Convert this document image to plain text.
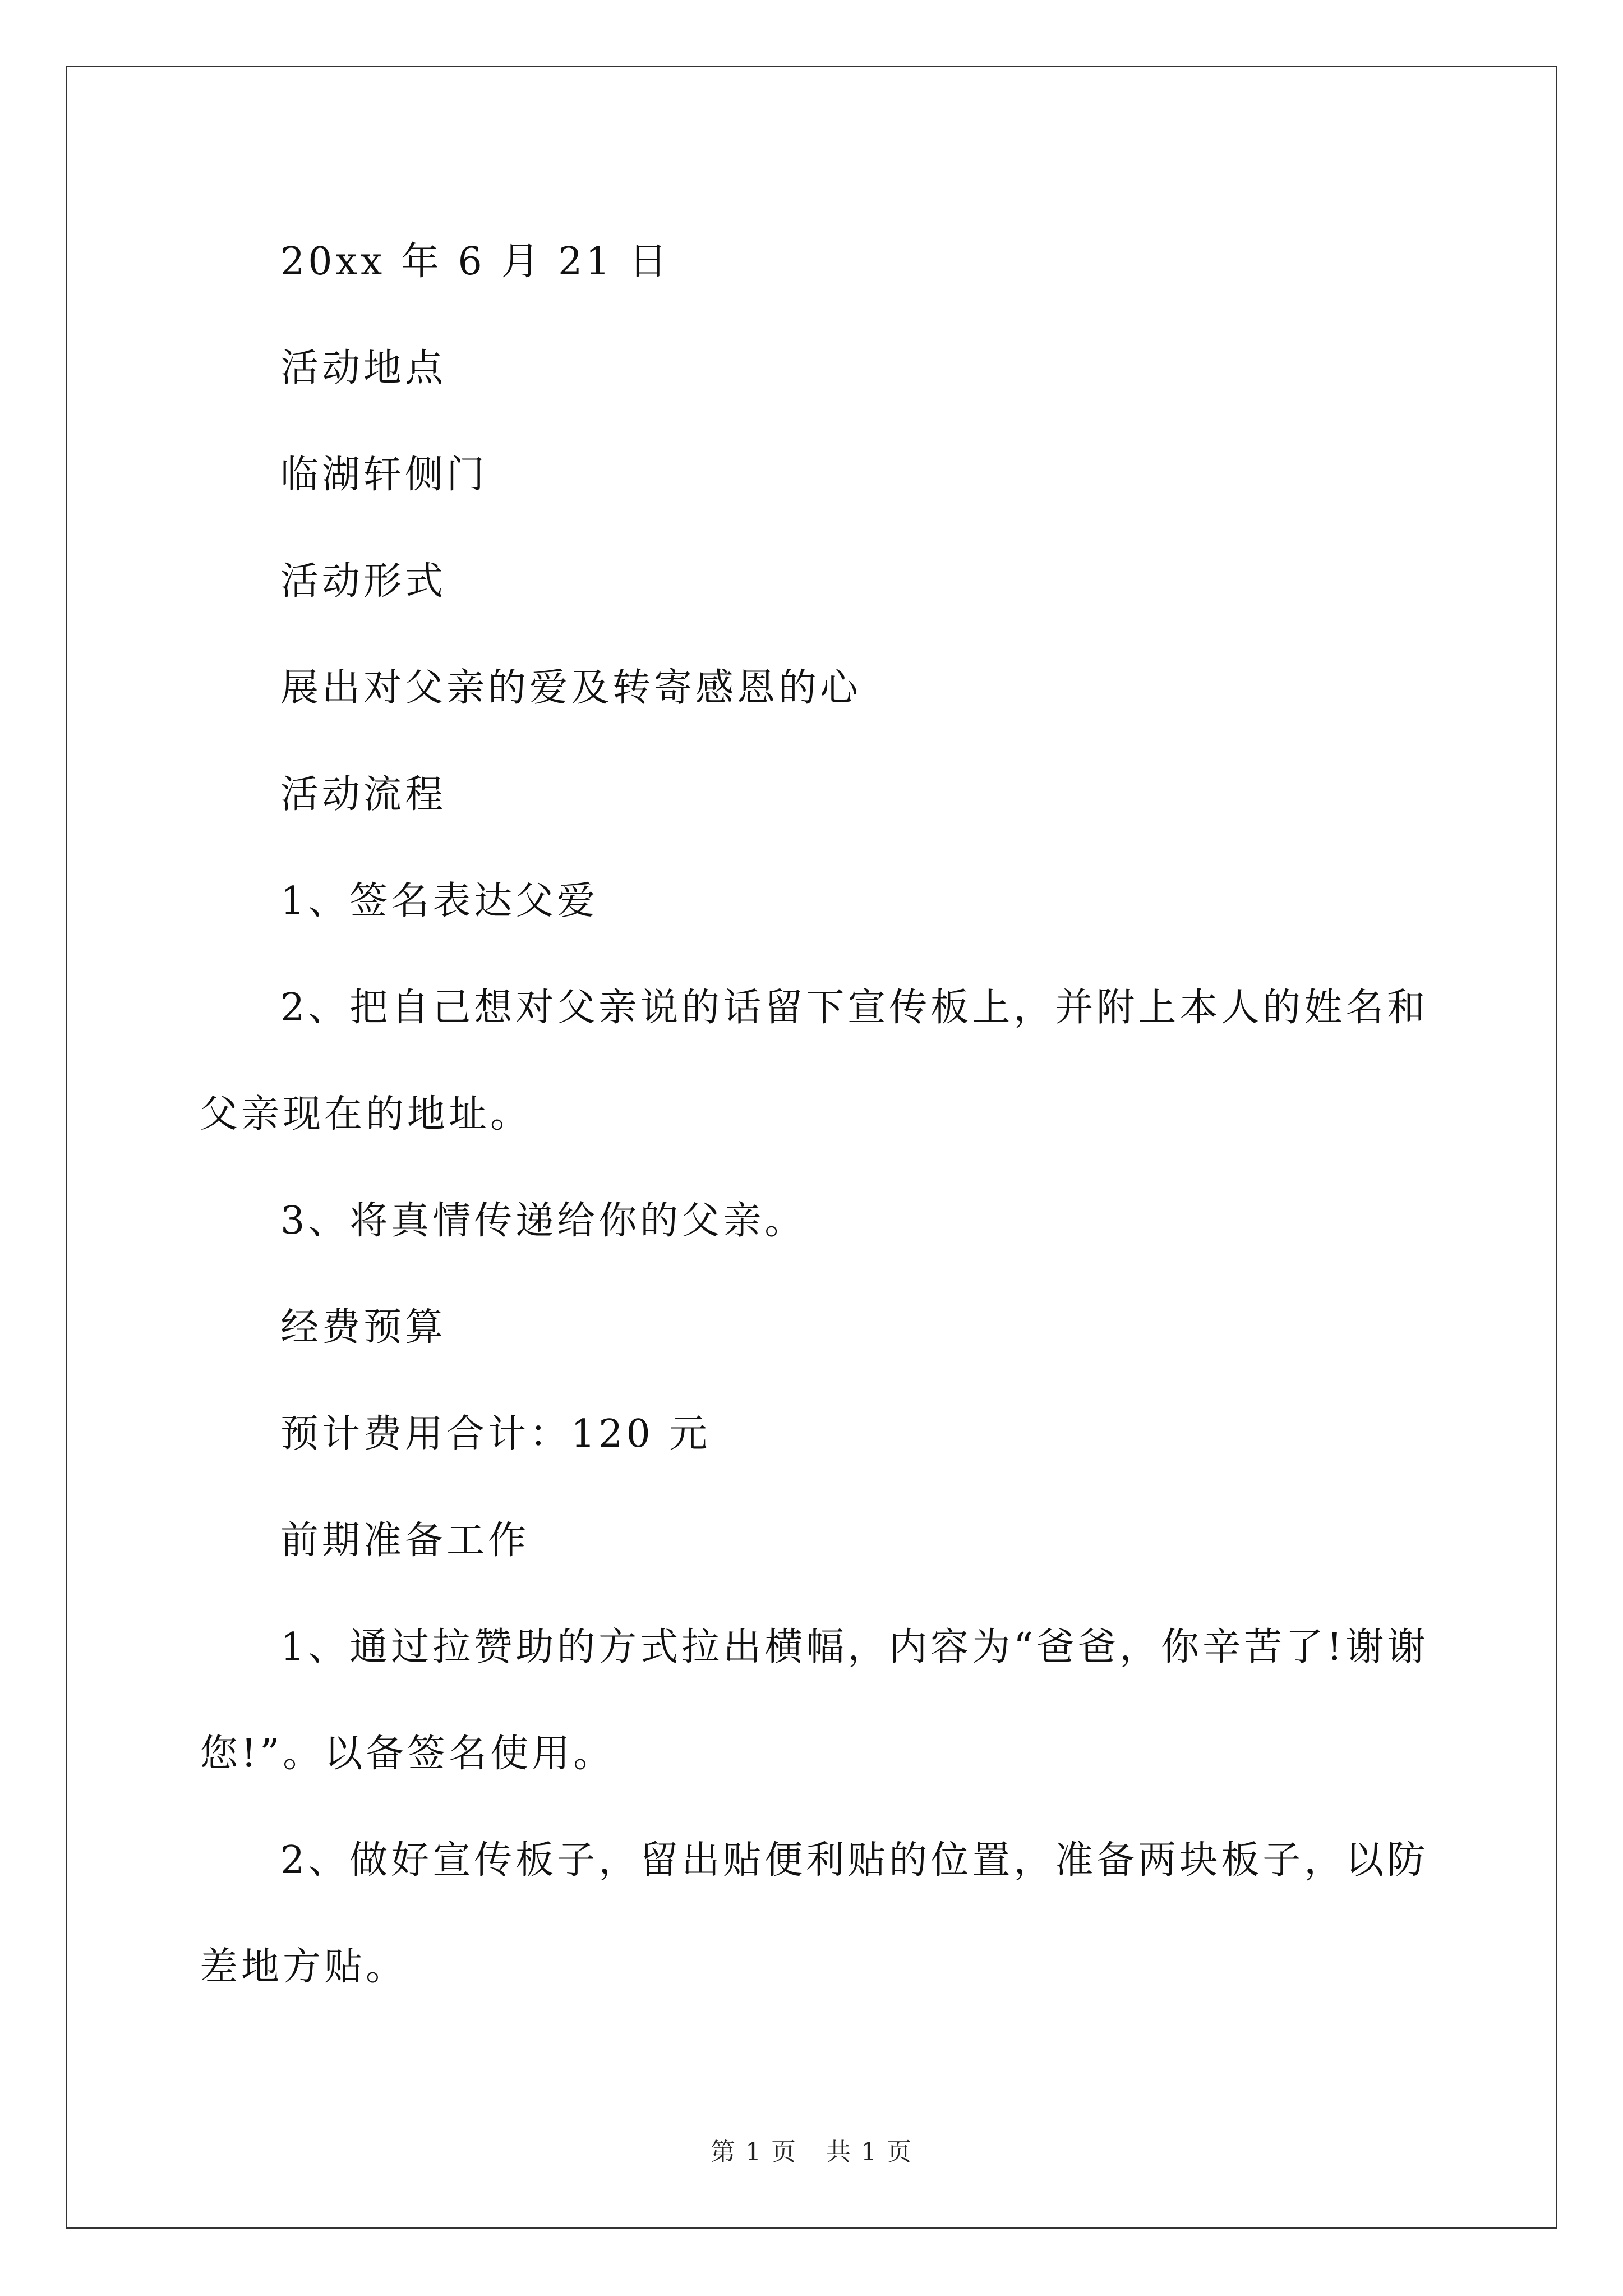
20xx 年 6 月 21 日

活动地点

临湖轩侧门

活动形式

展出对父亲的爱及转寄感恩的心

活动流程

1、签名表达父爱

2、把自己想对父亲说的话留下宣传板上，并附上本人的姓名和父亲现在的地址。

3、将真情传递给你的父亲。

经费预算

预计费用合计：120 元

前期准备工作

1、通过拉赞助的方式拉出横幅，内容为“爸爸，你辛苦了!谢谢您!”。以备签名使用。

2、做好宣传板子，留出贴便利贴的位置，准备两块板子，以防差地方贴。

第 1 页 共 1 页
